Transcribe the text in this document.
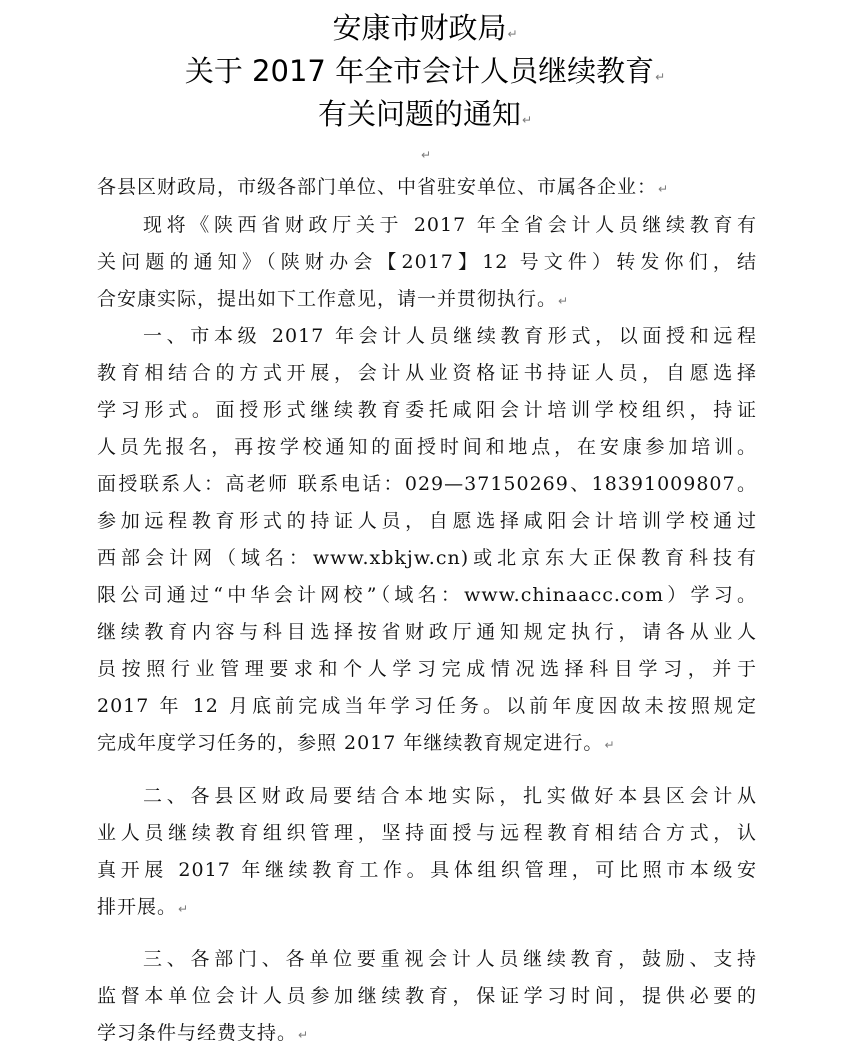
安康市财政局↵
关于 2017 年全市会计人员继续教育↵
有关问题的通知↵
↵
各县区财政局，市级各部门单位、中省驻安单位、市属各企业：↵
现将《陕西省财政厅关于 2017 年全省会计人员继续教育有
关问题的通知》（陕财办会【2017】12 号文件）转发你们，结
合安康实际，提出如下工作意见，请一并贯彻执行。↵
一、市本级 2017 年会计人员继续教育形式，以面授和远程
教育相结合的方式开展，会计从业资格证书持证人员，自愿选择
学习形式。面授形式继续教育委托咸阳会计培训学校组织，持证
人员先报名，再按学校通知的面授时间和地点，在安康参加培训。
面授联系人：高老师 联系电话：029—37150269、18391009807。
参加远程教育形式的持证人员，自愿选择咸阳会计培训学校通过
西部会计网（域名：www.xbkjw.cn)或北京东大正保教育科技有
限公司通过“中华会计网校”（域名：www.chinaacc.com）学习。
继续教育内容与科目选择按省财政厅通知规定执行，请各从业人
员按照行业管理要求和个人学习完成情况选择科目学习，并于
2017 年 12 月底前完成当年学习任务。以前年度因故未按照规定
完成年度学习任务的，参照 2017 年继续教育规定进行。↵
二、各县区财政局要结合本地实际，扎实做好本县区会计从
业人员继续教育组织管理，坚持面授与远程教育相结合方式，认
真开展 2017 年继续教育工作。具体组织管理，可比照市本级安
排开展。↵
三、各部门、各单位要重视会计人员继续教育，鼓励、支持
监督本单位会计人员参加继续教育，保证学习时间，提供必要的
学习条件与经费支持。↵
